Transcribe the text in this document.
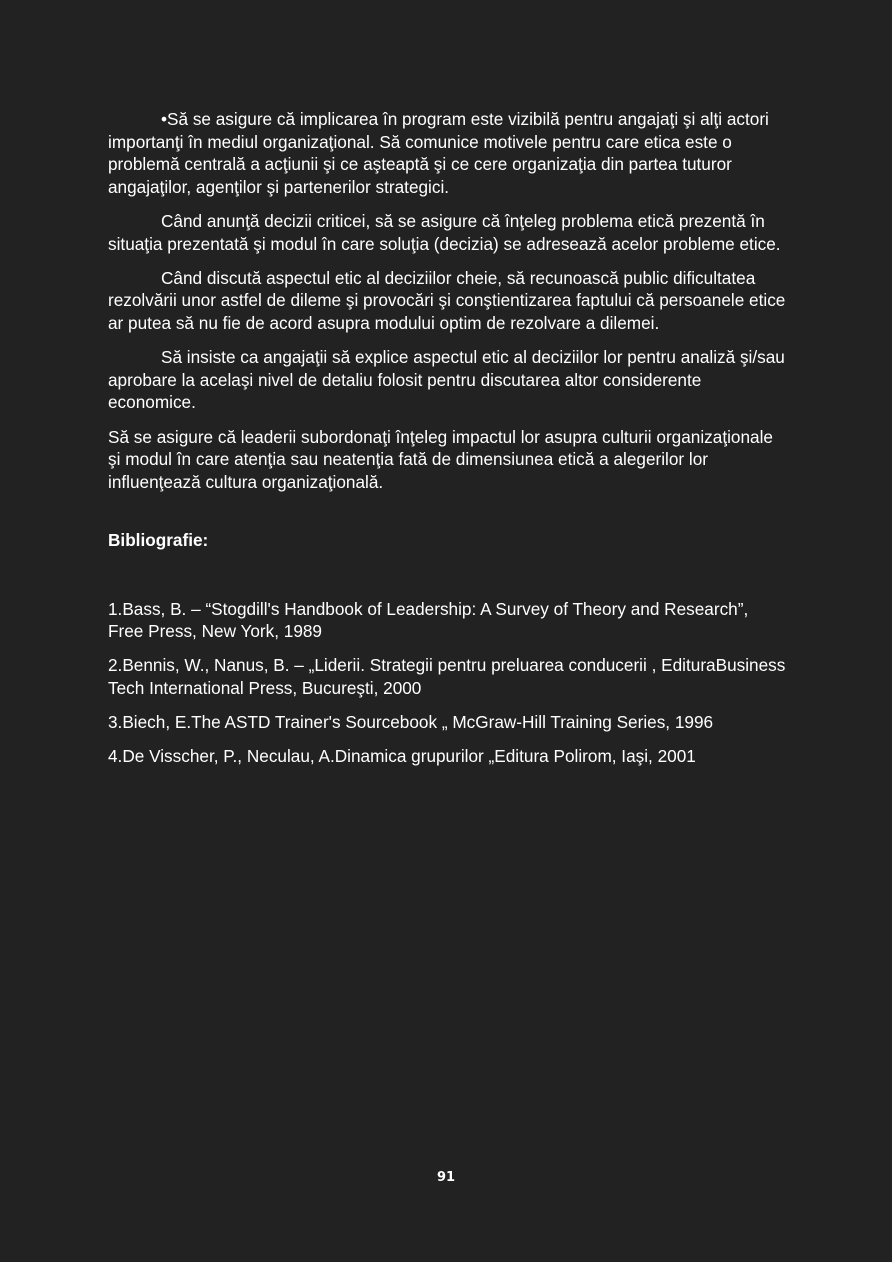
•Să se asigure că implicarea în program este vizibilă pentru angajaţi şi alţi actori importanţi în mediul organizaţional. Să comunice motivele pentru care etica este o problemă centrală a acţiunii şi ce aşteaptă şi ce cere organizaţia din partea tuturor angajaţilor, agenţilor şi partenerilor strategici.

Când anunţă decizii criticei, să se asigure că înţeleg problema etică prezentă în situaţia prezentată şi modul în care soluţia (decizia) se adresează acelor probleme etice.

Când discută aspectul etic al deciziilor cheie, să recunoască public dificultatea rezolvării unor astfel de dileme şi provocări şi conştientizarea faptului că persoanele etice ar putea să nu fie de acord asupra modului optim de rezolvare a dilemei.

Să insiste ca angajaţii să explice aspectul etic al deciziilor lor pentru analiză şi/sau aprobare la acelaşi nivel de detaliu folosit pentru discutarea altor considerente economice.

Să se asigure că leaderii subordonaţi înţeleg impactul lor asupra culturii organizaţionale şi modul în care atenţia sau neatenţia fată de dimensiunea etică a alegerilor lor influenţează cultura organizaţională.

Bibliografie:

1.Bass, B. – “Stogdill's Handbook of Leadership: A Survey of Theory and Research”, Free Press, New York, 1989

2.Bennis, W., Nanus, B. – „Liderii. Strategii pentru preluarea conducerii , EdituraBusiness Tech International Press, Bucureşti, 2000

3.Biech, E.The ASTD Trainer's Sourcebook „ McGraw-Hill Training Series, 1996

4.De Visscher, P., Neculau, A.Dinamica grupurilor „Editura Polirom, Iaşi, 2001

91
